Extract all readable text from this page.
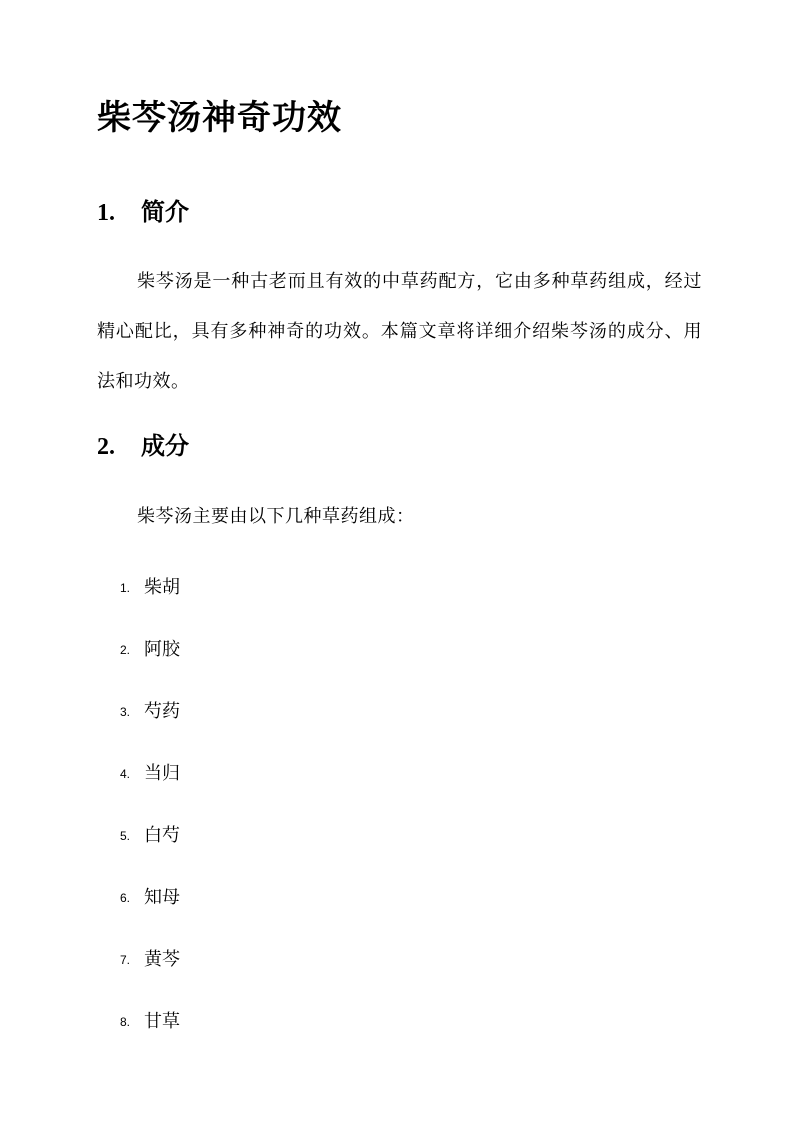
柴芩汤神奇功效
1. 简介

柴芩汤是一种古老而且有效的中草药配方，它由多种草药组成，经过精心配比，具有多种神奇的功效。本篇文章将详细介绍柴芩汤的成分、用法和功效。

2. 成分

柴芩汤主要由以下几种草药组成：

1. 柴胡
2. 阿胶
3. 芍药
4. 当归
5. 白芍
6. 知母
7. 黄芩
8. 甘草
